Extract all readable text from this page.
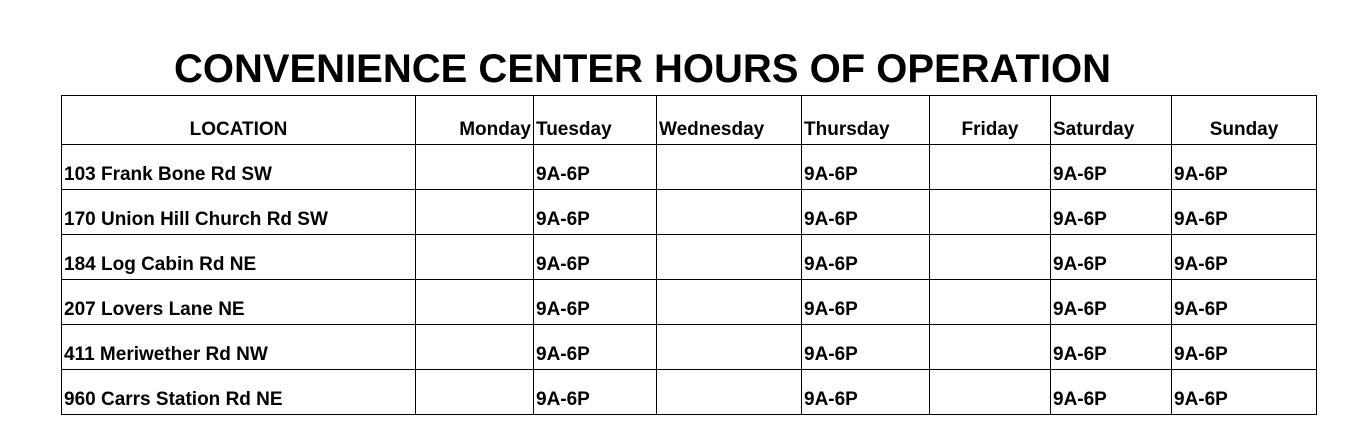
CONVENIENCE CENTER HOURS OF OPERATION
LOCATION	Monday	Tuesday	Wednesday	Thursday	Friday	Saturday	Sunday
103 Frank Bone Rd SW		9A-6P		9A-6P		9A-6P	9A-6P
170 Union Hill Church Rd SW		9A-6P		9A-6P		9A-6P	9A-6P
184 Log Cabin Rd NE		9A-6P		9A-6P		9A-6P	9A-6P
207 Lovers Lane NE		9A-6P		9A-6P		9A-6P	9A-6P
411 Meriwether Rd NW		9A-6P		9A-6P		9A-6P	9A-6P
960 Carrs Station Rd NE		9A-6P		9A-6P		9A-6P	9A-6P
